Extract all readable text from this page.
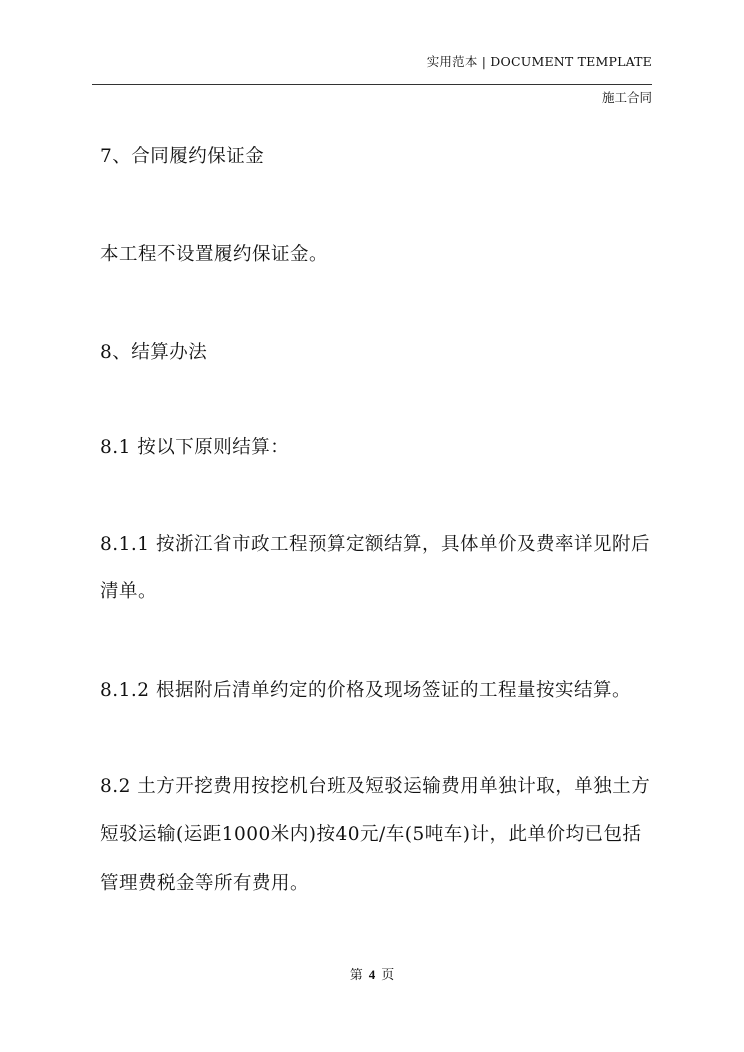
实用范本 | DOCUMENT TEMPLATE
施工合同
7、合同履约保证金
本工程不设置履约保证金。
8、结算办法
8.1 按以下原则结算：
8.1.1 按浙江省市政工程预算定额结算，具体单价及费率详见附后
清单。
8.1.2 根据附后清单约定的价格及现场签证的工程量按实结算。
8.2 土方开挖费用按挖机台班及短驳运输费用单独计取，单独土方
短驳运输(运距1000米内)按40元/车(5吨车)计，此单价均已包括
管理费税金等所有费用。
第 4 页
